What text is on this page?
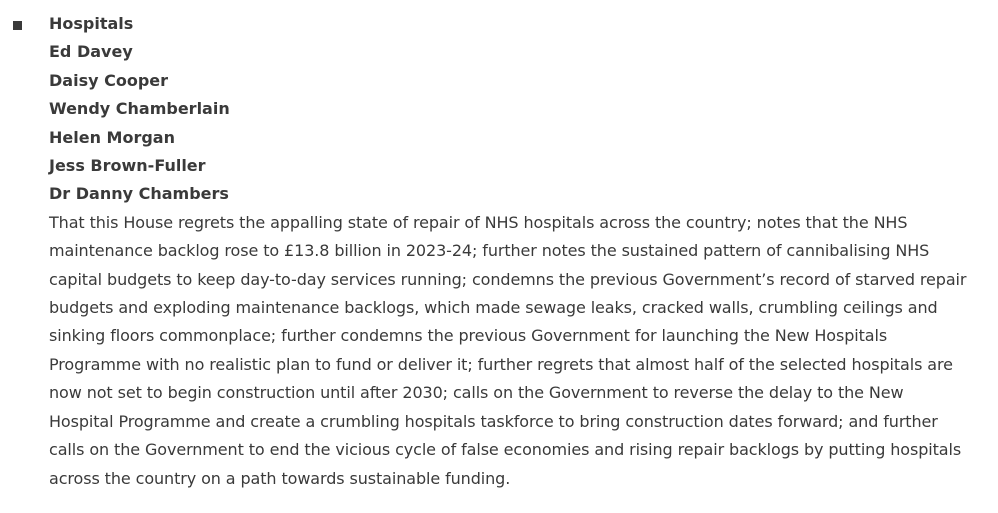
Hospitals

Ed Davey

Daisy Cooper

Wendy Chamberlain

Helen Morgan

Jess Brown-Fuller

Dr Danny Chambers

That this House regrets the appalling state of repair of NHS hospitals across the country; notes that the NHS maintenance backlog rose to £13.8 billion in 2023-24; further notes the sustained pattern of cannibalising NHS capital budgets to keep day-to-day services running; condemns the previous Government’s record of starved repair budgets and exploding maintenance backlogs, which made sewage leaks, cracked walls, crumbling ceilings and sinking floors commonplace; further condemns the previous Government for launching the New Hospitals Programme with no realistic plan to fund or deliver it; further regrets that almost half of the selected hospitals are now not set to begin construction until after 2030; calls on the Government to reverse the delay to the New Hospital Programme and create a crumbling hospitals taskforce to bring construction dates forward; and further calls on the Government to end the vicious cycle of false economies and rising repair backlogs by putting hospitals across the country on a path towards sustainable funding.
